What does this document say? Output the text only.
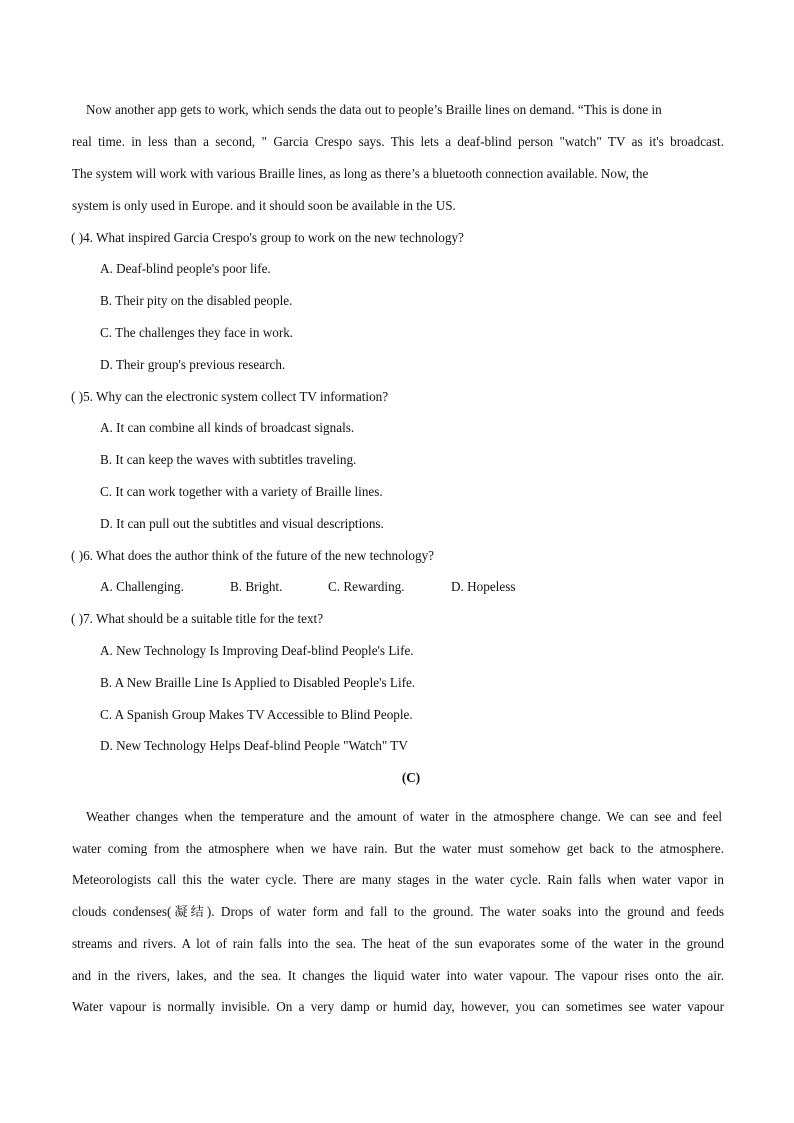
Now another app gets to work, which sends the data out to people’s Braille lines on demand. “This is done in
real time. in less than a second, " Garcia Crespo says. This lets a deaf-blind person "watch" TV as it's broadcast.
The system will work with various Braille lines, as long as there’s a bluetooth connection available. Now, the
system is only used in Europe. and it should soon be available in the US.
( )4. What inspired Garcia Crespo's group to work on the new technology?
A. Deaf-blind people's poor life.
B. Their pity on the disabled people.
C. The challenges they face in work.
D. Their group's previous research.
( )5. Why can the electronic system collect TV information?
A. It can combine all kinds of broadcast signals.
B. It can keep the waves with subtitles traveling.
C. It can work together with a variety of Braille lines.
D. It can pull out the subtitles and visual descriptions.
( )6. What does the author think of the future of the new technology?
A. Challenging.	B. Bright.	C. Rewarding.	D. Hopeless
( )7. What should be a suitable title for the text?
A. New Technology Is Improving Deaf-blind People's Life.
B. A New Braille Line Is Applied to Disabled People's Life.
C. A Spanish Group Makes TV Accessible to Blind People.
D. New Technology Helps Deaf-blind People "Watch" TV
(C)
Weather changes when the temperature and the amount of water in the atmosphere change. We can see and feel
water coming from the atmosphere when we have rain. But the water must somehow get back to the atmosphere.
Meteorologists call this the water cycle. There are many stages in the water cycle. Rain falls when water vapor in
clouds condenses(凝结). Drops of water form and fall to the ground. The water soaks into the ground and feeds
streams and rivers. A lot of rain falls into the sea. The heat of the sun evaporates some of the water in the ground
and in the rivers, lakes, and the sea. It changes the liquid water into water vapour. The vapour rises onto the air.
Water vapour is normally invisible. On a very damp or humid day, however, you can sometimes see water vapour
